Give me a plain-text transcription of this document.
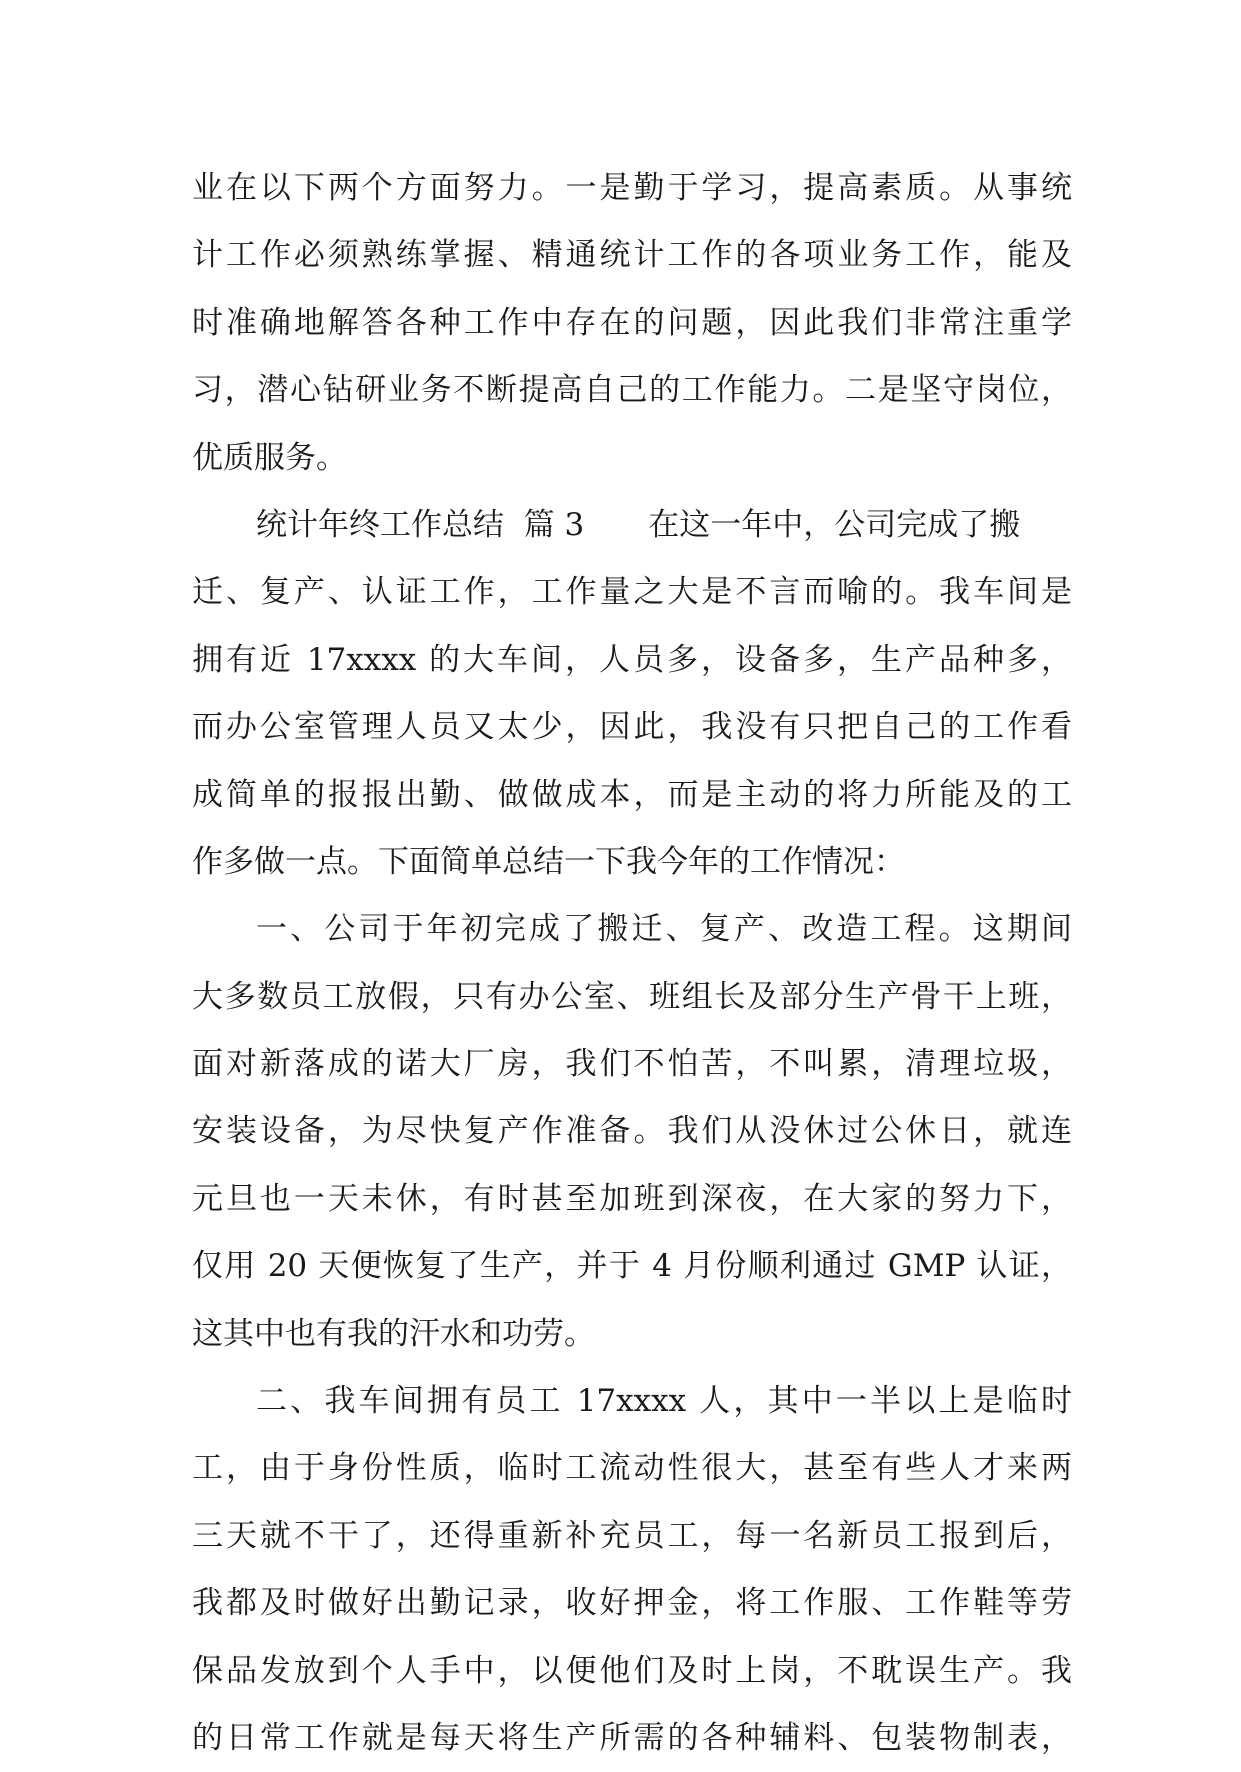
业在以下两个方面努力。一是勤于学习，提高素质。从事统
计工作必须熟练掌握、精通统计工作的各项业务工作，能及
时准确地解答各种工作中存在的问题，因此我们非常注重学
习，潜心钻研业务不断提高自己的工作能力。二是坚守岗位，
优质服务。
统计年终工作总结  篇 3 在这一年中，公司完成了搬
迁、复产、认证工作，工作量之大是不言而喻的。我车间是
拥有近 17xxxx 的大车间，人员多，设备多，生产品种多，
而办公室管理人员又太少，因此，我没有只把自己的工作看
成简单的报报出勤、做做成本，而是主动的将力所能及的工
作多做一点。下面简单总结一下我今年的工作情况：
一、公司于年初完成了搬迁、复产、改造工程。这期间
大多数员工放假，只有办公室、班组长及部分生产骨干上班，
面对新落成的诺大厂房，我们不怕苦，不叫累，清理垃圾，
安装设备，为尽快复产作准备。我们从没休过公休日，就连
元旦也一天未休，有时甚至加班到深夜，在大家的努力下，
仅用 20 天便恢复了生产，并于 4 月份顺利通过 GMP 认证，
这其中也有我的汗水和功劳。
二、我车间拥有员工 17xxxx 人，其中一半以上是临时
工，由于身份性质，临时工流动性很大，甚至有些人才来两
三天就不干了，还得重新补充员工，每一名新员工报到后，
我都及时做好出勤记录，收好押金，将工作服、工作鞋等劳
保品发放到个人手中，以便他们及时上岗，不耽误生产。我
的日常工作就是每天将生产所需的各种辅料、包装物制表，
